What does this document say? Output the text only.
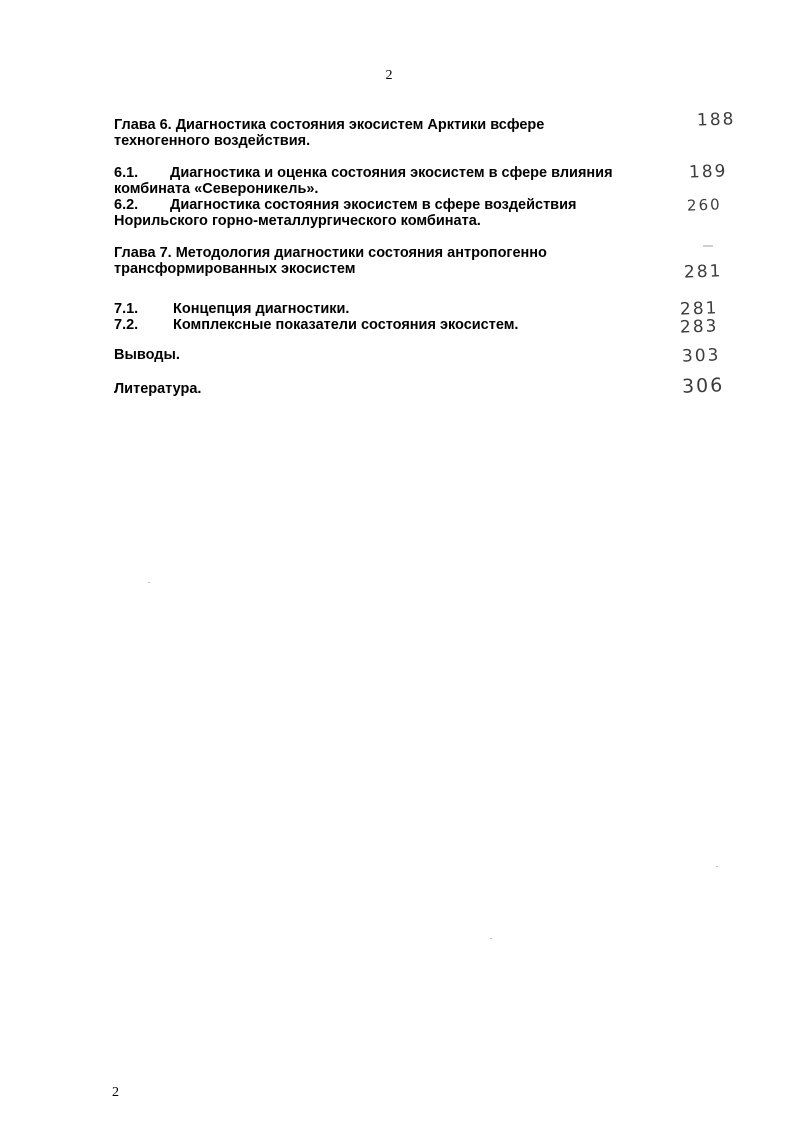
2
Глава 6. Диагностика состояния экосистем Арктики всфере
техногенного воздействия.
188
6.1. Диагностика и оценка состояния экосистем в сфере влияния
комбината «Североникель».
189
6.2. Диагностика состояния экосистем в сфере воздействия
Норильского горно-металлургического комбината.
260
Глава 7. Методология диагностики состояния антропогенно
трансформированных экосистем	281
7.1. Концепция диагностики.	281
7.2. Комплексные показатели состояния экосистем.	283
Выводы.	303
Литература.	306
2
